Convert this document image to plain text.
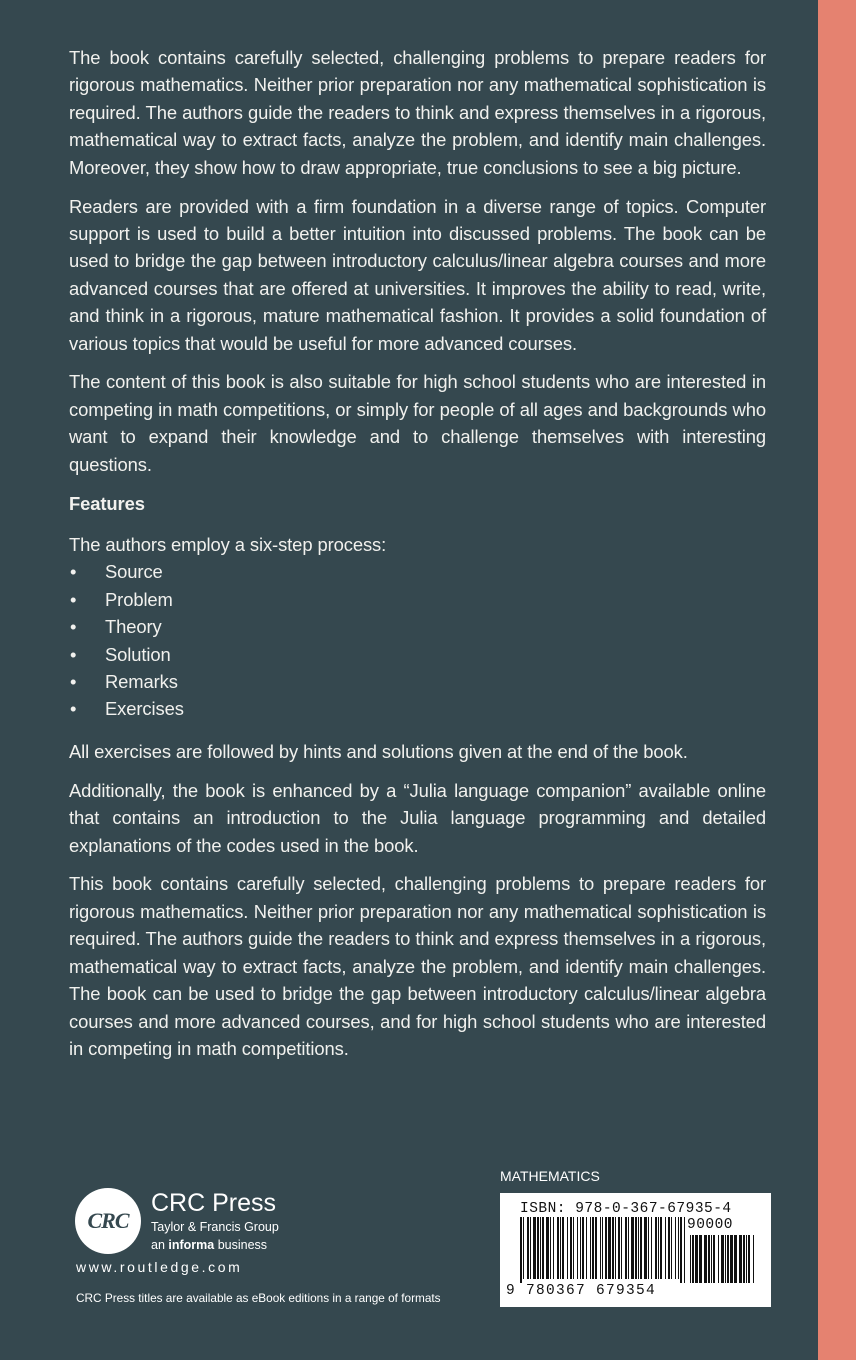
The book contains carefully selected, challenging problems to prepare readers for rigorous mathematics. Neither prior preparation nor any mathematical sophistication is required. The authors guide the readers to think and express themselves in a rigorous, mathematical way to extract facts, analyze the problem, and identify main challenges. Moreover, they show how to draw appropriate, true conclusions to see a big picture.

Readers are provided with a firm foundation in a diverse range of topics. Computer support is used to build a better intuition into discussed problems. The book can be used to bridge the gap between introductory calculus/linear algebra courses and more advanced courses that are offered at universities. It improves the ability to read, write, and think in a rigorous, mature mathematical fashion. It provides a solid foundation of various topics that would be useful for more advanced courses.

The content of this book is also suitable for high school students who are interested in competing in math competitions, or simply for people of all ages and backgrounds who want to expand their knowledge and to challenge themselves with interesting questions.

Features

The authors employ a six-step process:

• Source
• Problem
• Theory
• Solution
• Remarks
• Exercises

All exercises are followed by hints and solutions given at the end of the book.

Additionally, the book is enhanced by a “Julia language companion” available online that contains an introduction to the Julia language programming and detailed explanations of the codes used in the book.

This book contains carefully selected, challenging problems to prepare readers for rigorous mathematics. Neither prior preparation nor any mathematical sophistication is required. The authors guide the readers to think and express themselves in a rigorous, mathematical way to extract facts, analyze the problem, and identify main challenges. The book can be used to bridge the gap between introductory calculus/linear algebra courses and more advanced courses, and for high school students who are interested in competing in math competitions.

CRC
CRC Press
Taylor & Francis Group
an informa business
www.routledge.com
CRC Press titles are available as eBook editions in a range of formats
MATHEMATICS
ISBN: 978-0-367-67935-4
90000
9 780367 679354
